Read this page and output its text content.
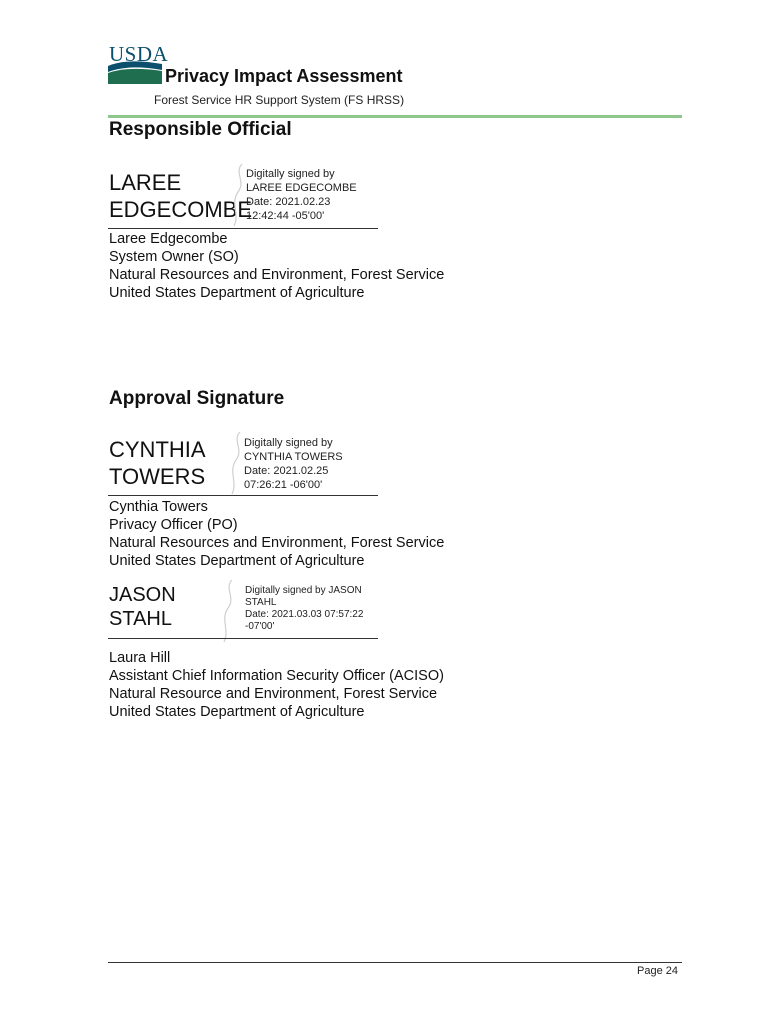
USDA
Privacy Impact Assessment
Forest Service HR Support System (FS HRSS)
Responsible Official
LAREE
EDGECOMBE
Digitally signed by
LAREE EDGECOMBE
Date: 2021.02.23
12:42:44 -05'00'
Laree Edgecombe
System Owner (SO)
Natural Resources and Environment, Forest Service
United States Department of Agriculture
Approval Signature
CYNTHIA
TOWERS
Digitally signed by
CYNTHIA TOWERS
Date: 2021.02.25
07:26:21 -06'00'
Cynthia Towers
Privacy Officer (PO)
Natural Resources and Environment, Forest Service
United States Department of Agriculture
JASON
STAHL
Digitally signed by JASON
STAHL
Date: 2021.03.03 07:57:22
-07'00'
Laura Hill
Assistant Chief Information Security Officer (ACISO)
Natural Resource and Environment, Forest Service
United States Department of Agriculture
Page 24
